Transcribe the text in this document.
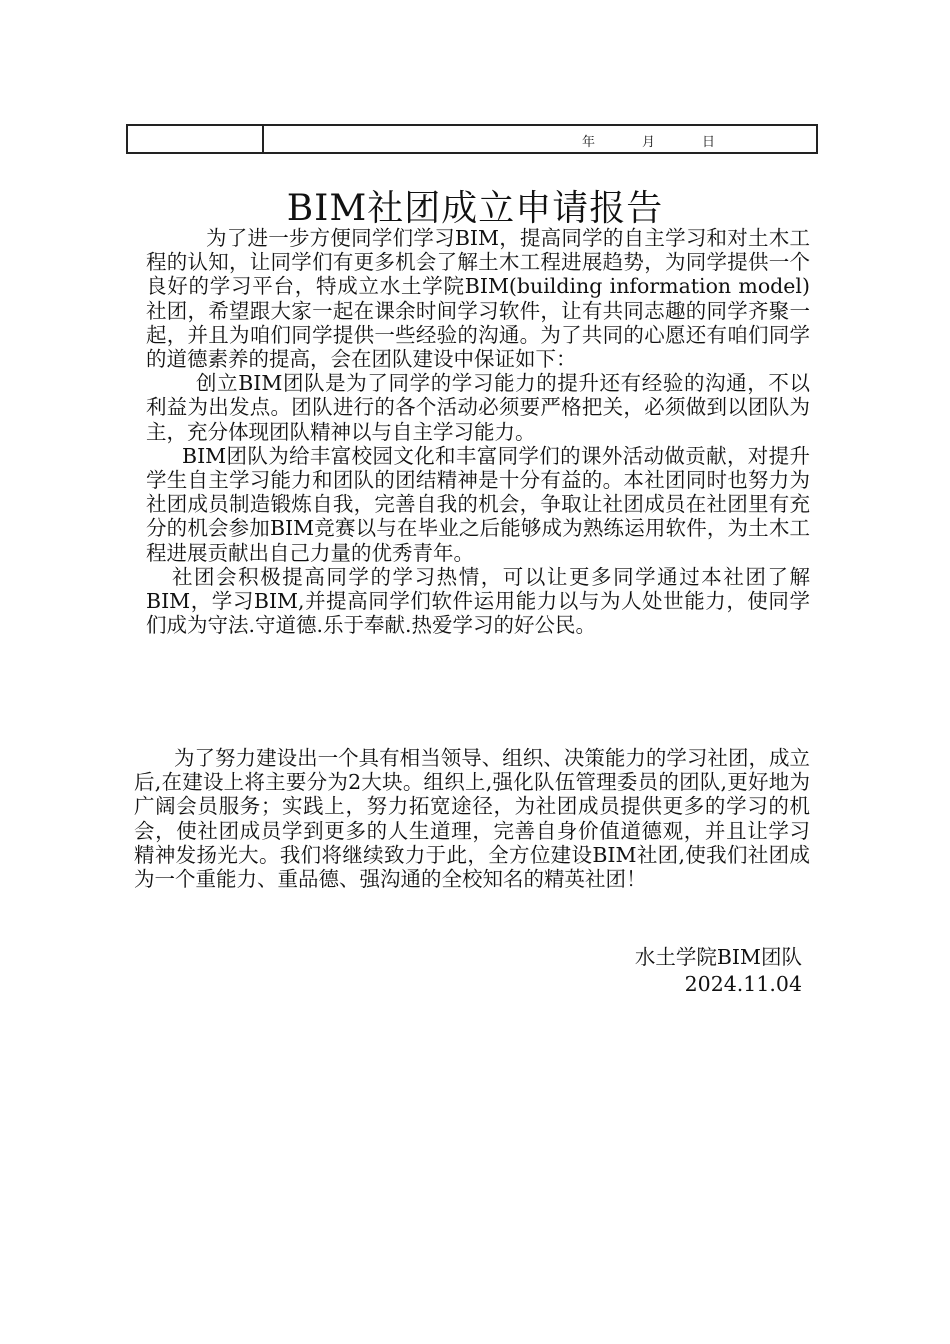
年	月	日
BIM社团成立申请报告

为了进一步方便同学们学习BIM，提高同学的自主学习和对土木工程的认知，让同学们有更多机会了解土木工程进展趋势，为同学提供一个良好的学习平台，特成立水土学院BIM(building information model)社团，希望跟大家一起在课余时间学习软件，让有共同志趣的同学齐聚一起，并且为咱们同学提供一些经验的沟通。为了共同的心愿还有咱们同学的道德素养的提高，会在团队建设中保证如下：

创立BIM团队是为了同学的学习能力的提升还有经验的沟通，不以利益为出发点。团队进行的各个活动必须要严格把关，必须做到以团队为主，充分体现团队精神以与自主学习能力。

BIM团队为给丰富校园文化和丰富同学们的课外活动做贡献，对提升学生自主学习能力和团队的团结精神是十分有益的。本社团同时也努力为社团成员制造锻炼自我，完善自我的机会，争取让社团成员在社团里有充分的机会参加BIM竞赛以与在毕业之后能够成为熟练运用软件，为土木工程进展贡献出自己力量的优秀青年。

社团会积极提高同学的学习热情，可以让更多同学通过本社团了解BIM，学习BIM,并提高同学们软件运用能力以与为人处世能力，使同学们成为守法.守道德.乐于奉献.热爱学习的好公民。

为了努力建设出一个具有相当领导、组织、决策能力的学习社团，成立后,在建设上将主要分为2大块。组织上,强化队伍管理委员的团队,更好地为广阔会员服务；实践上，努力拓宽途径，为社团成员提供更多的学习的机会，使社团成员学到更多的人生道理，完善自身价值道德观，并且让学习精神发扬光大。我们将继续致力于此，全方位建设BIM社团,使我们社团成为一个重能力、重品德、强沟通的全校知名的精英社团！

水土学院BIM团队
2024.11.04
